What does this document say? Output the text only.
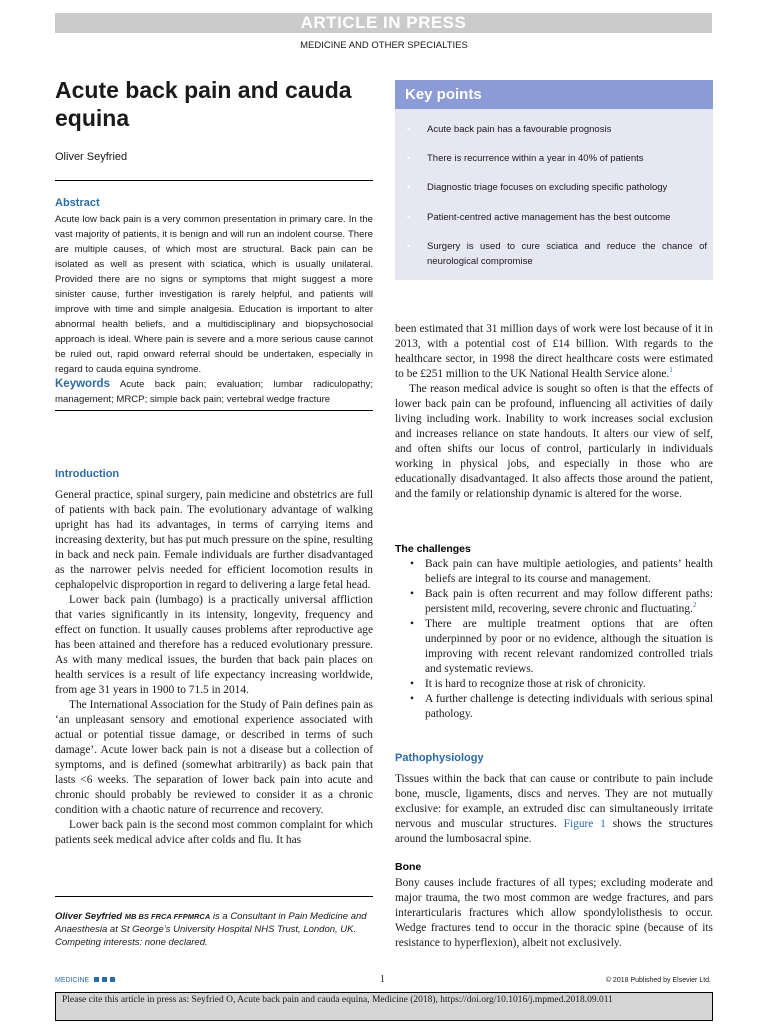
ARTICLE IN PRESS
MEDICINE AND OTHER SPECIALTIES
Acute back pain and cauda equina
Oliver Seyfried
Abstract

Acute low back pain is a very common presentation in primary care. In the vast majority of patients, it is benign and will run an indolent course. There are multiple causes, of which most are structural. Back pain can be isolated as well as present with sciatica, which is usually unilateral. Provided there are no signs or symptoms that might suggest a more sinister cause, further investigation is rarely helpful, and patients will improve with time and simple analgesia. Education is important to alter abnormal health beliefs, and a multidisciplinary and biopsychosocial approach is ideal. Where pain is severe and a more serious cause cannot be ruled out, rapid onward referral should be undertaken, especially in regard to cauda equina syndrome.

Keywords Acute back pain; evaluation; lumbar radiculopathy; management; MRCP; simple back pain; vertebral wedge fracture

Key points
•	Acute back pain has a favourable prognosis
•	There is recurrence within a year in 40% of patients
•	Diagnostic triage focuses on excluding specific pathology
•	Patient-centred active management has the best outcome
•	Surgery is used to cure sciatica and reduce the chance of neurological compromise
Introduction

General practice, spinal surgery, pain medicine and obstetrics are full of patients with back pain. The evolutionary advantage of walking upright has had its advantages, in terms of carrying items and increasing dexterity, but has put much pressure on the spine, resulting in back and neck pain. Female individuals are further disadvantaged as the narrower pelvis needed for efficient locomotion results in cephalopelvic disproportion in regard to delivering a large fetal head.

Lower back pain (lumbago) is a practically universal affliction that varies significantly in its intensity, longevity, frequency and effect on function. It usually causes problems after reproductive age has been attained and therefore has a reduced evolutionary pressure. As with many medical issues, the burden that back pain places on health services is a result of life expectancy increasing worldwide, from age 31 years in 1900 to 71.5 in 2014.

The International Association for the Study of Pain defines pain as ‘an unpleasant sensory and emotional experience associated with actual or potential tissue damage, or described in terms of such damage’. Acute lower back pain is not a disease but a collection of symptoms, and is defined (somewhat arbitrarily) as back pain that lasts <6 weeks. The separation of lower back pain into acute and chronic should probably be reviewed to consider it as a chronic condition with a chaotic nature of recurrence and recovery.

Lower back pain is the second most common complaint for which patients seek medical advice after colds and flu. It has

Oliver Seyfried MB BS FRCA FFPMRCA is a Consultant in Pain Medicine and Anaesthesia at St George’s University Hospital NHS Trust, London, UK. Competing interests: none declared.

been estimated that 31 million days of work were lost because of it in 2013, with a potential cost of £14 billion. With regards to the healthcare sector, in 1998 the direct healthcare costs were estimated to be £251 million to the UK National Health Service alone.$^1$

The reason medical advice is sought so often is that the effects of lower back pain can be profound, influencing all activities of daily living including work. Inability to work increases social exclusion and increases reliance on state handouts. It alters our view of self, and often shifts our locus of control, particularly in individuals working in physical jobs, and especially in those who are educationally disadvantaged. It also affects those around the patient, and the family or relationship dynamic is altered for the worse.

The challenges
• Back pain can have multiple aetiologies, and patients’ health beliefs are integral to its course and management.
• Back pain is often recurrent and may follow different paths: persistent mild, recovering, severe chronic and fluctuating.$^2$
• There are multiple treatment options that are often underpinned by poor or no evidence, although the situation is improving with recent relevant randomized controlled trials and systematic reviews.
• It is hard to recognize those at risk of chronicity.
• A further challenge is detecting individuals with serious spinal pathology.
Pathophysiology

Tissues within the back that can cause or contribute to pain include bone, muscle, ligaments, discs and nerves. They are not mutually exclusive: for example, an extruded disc can simultaneously irritate nervous and muscular structures. Figure 1 shows the structures around the lumbosacral spine.

Bone

Bony causes include fractures of all types; excluding moderate and major trauma, the two most common are wedge fractures, and pars interarticularis fractures which allow spondylolisthesis to occur. Wedge fractures tend to occur in the thoracic spine (because of its resistance to hyperflexion), albeit not exclusively.

MEDICINE	1	© 2018 Published by Elsevier Ltd.
Please cite this article in press as: Seyfried O, Acute back pain and cauda equina, Medicine (2018), https://doi.org/10.1016/j.mpmed.2018.09.011
